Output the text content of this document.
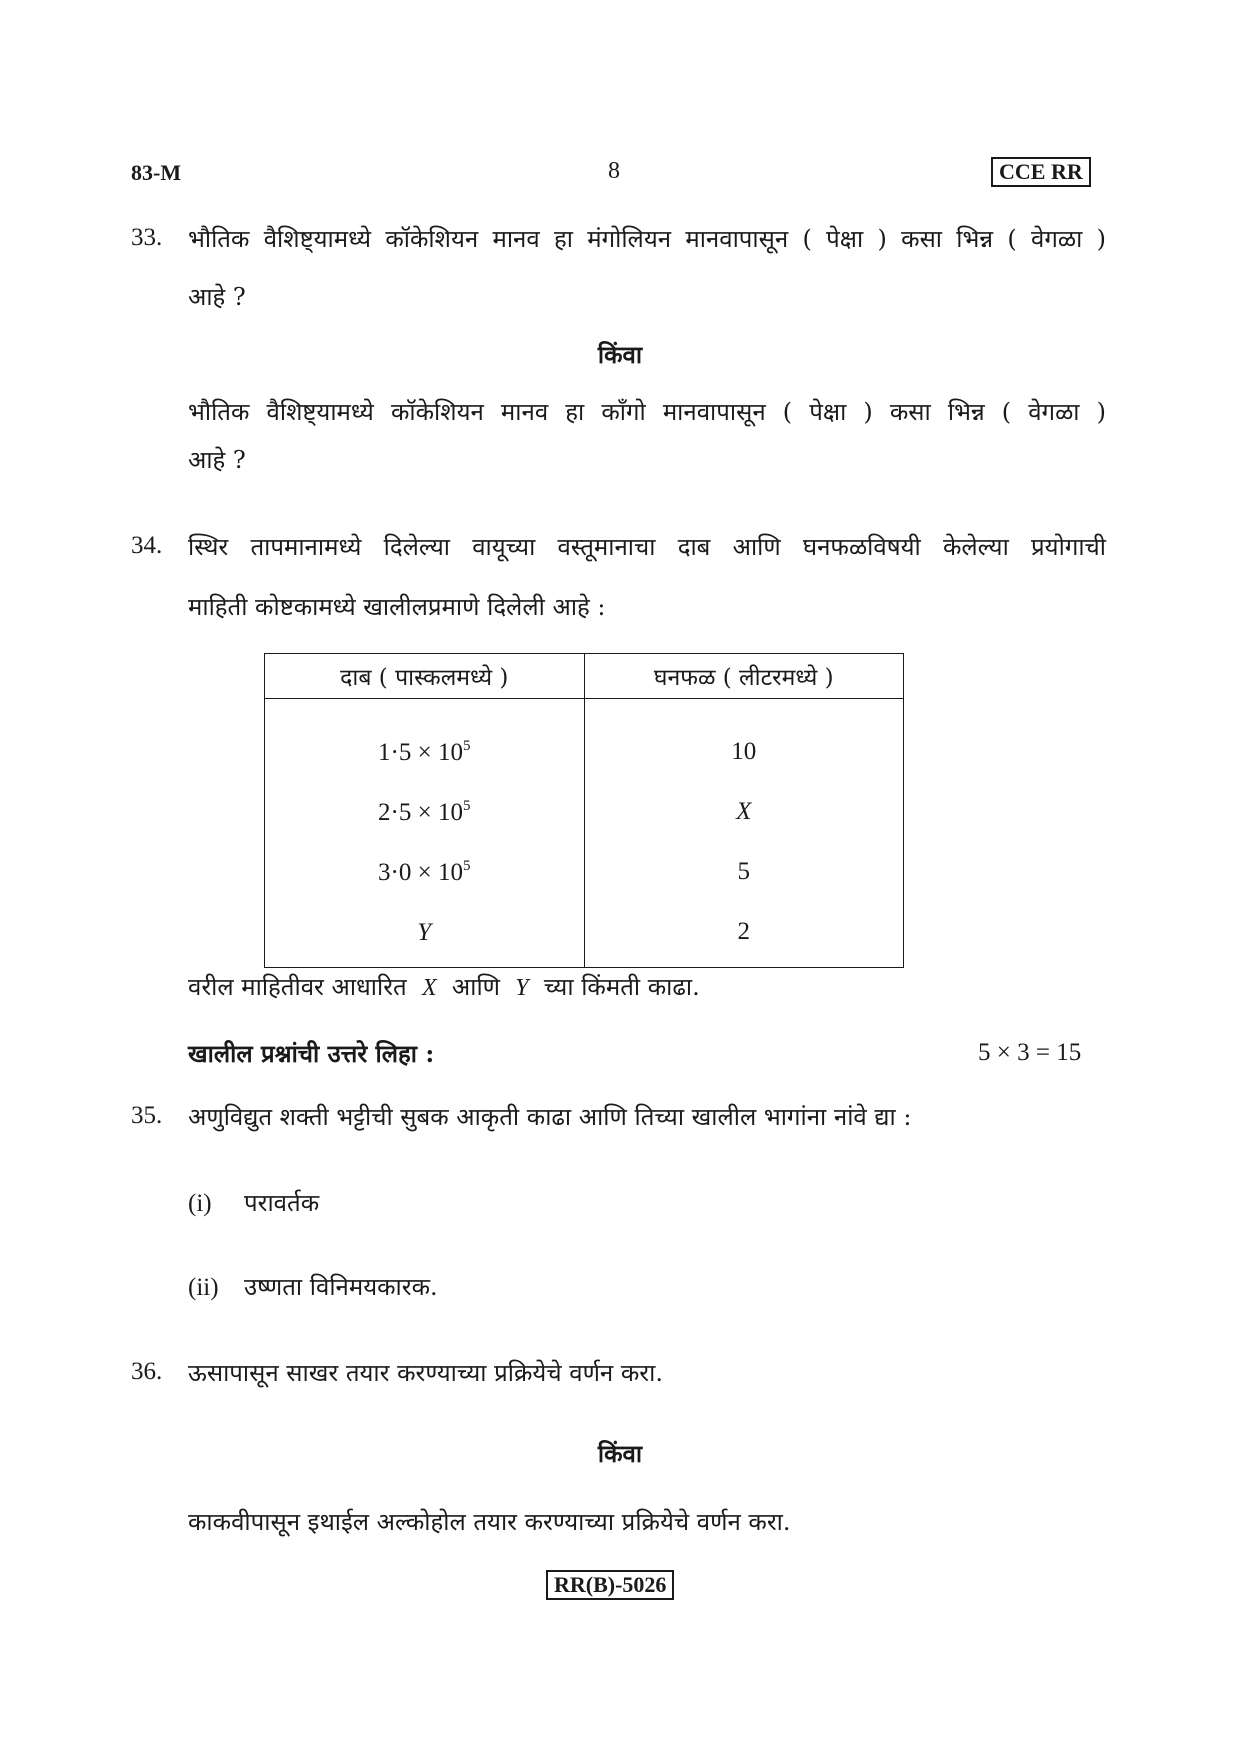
83-M	8	CCE RR
33. भौतिक वैशिष्ट्यामध्ये कॉकेशियन मानव हा मंगोलियन मानवापासून ( पेक्षा ) कसा भिन्न ( वेगळा )
आहे ?
किंवा
भौतिक वैशिष्ट्यामध्ये कॉकेशियन मानव हा काँगो मानवापासून ( पेक्षा ) कसा भिन्न ( वेगळा )
आहे ?
34. स्थिर तापमानामध्ये दिलेल्या वायूच्या वस्तूमानाचा दाब आणि घनफळविषयी केलेल्या प्रयोगाची
माहिती कोष्टकामध्ये खालीलप्रमाणे दिलेली आहे :
दाब ( पास्कलमध्ये )	घनफळ ( लीटरमध्ये )
$1\cdot 5 \times 10^5$	10
$2\cdot 5 \times 10^5$	X
$3\cdot 0 \times 10^5$	5
Y	2
वरील माहितीवर आधारित X आणि Y च्या किंमती काढा.
खालील प्रश्नांची उत्तरे लिहा :	5 × 3 = 15
35. अणुविद्युत शक्ती भट्टीची सुबक आकृती काढा आणि तिच्या खालील भागांना नांवे द्या :
(i) परावर्तक
(ii) उष्णता विनिमयकारक.
36. ऊसापासून साखर तयार करण्याच्या प्रक्रियेचे वर्णन करा.
किंवा
काकवीपासून इथाईल अल्कोहोल तयार करण्याच्या प्रक्रियेचे वर्णन करा.
RR(B)-5026
